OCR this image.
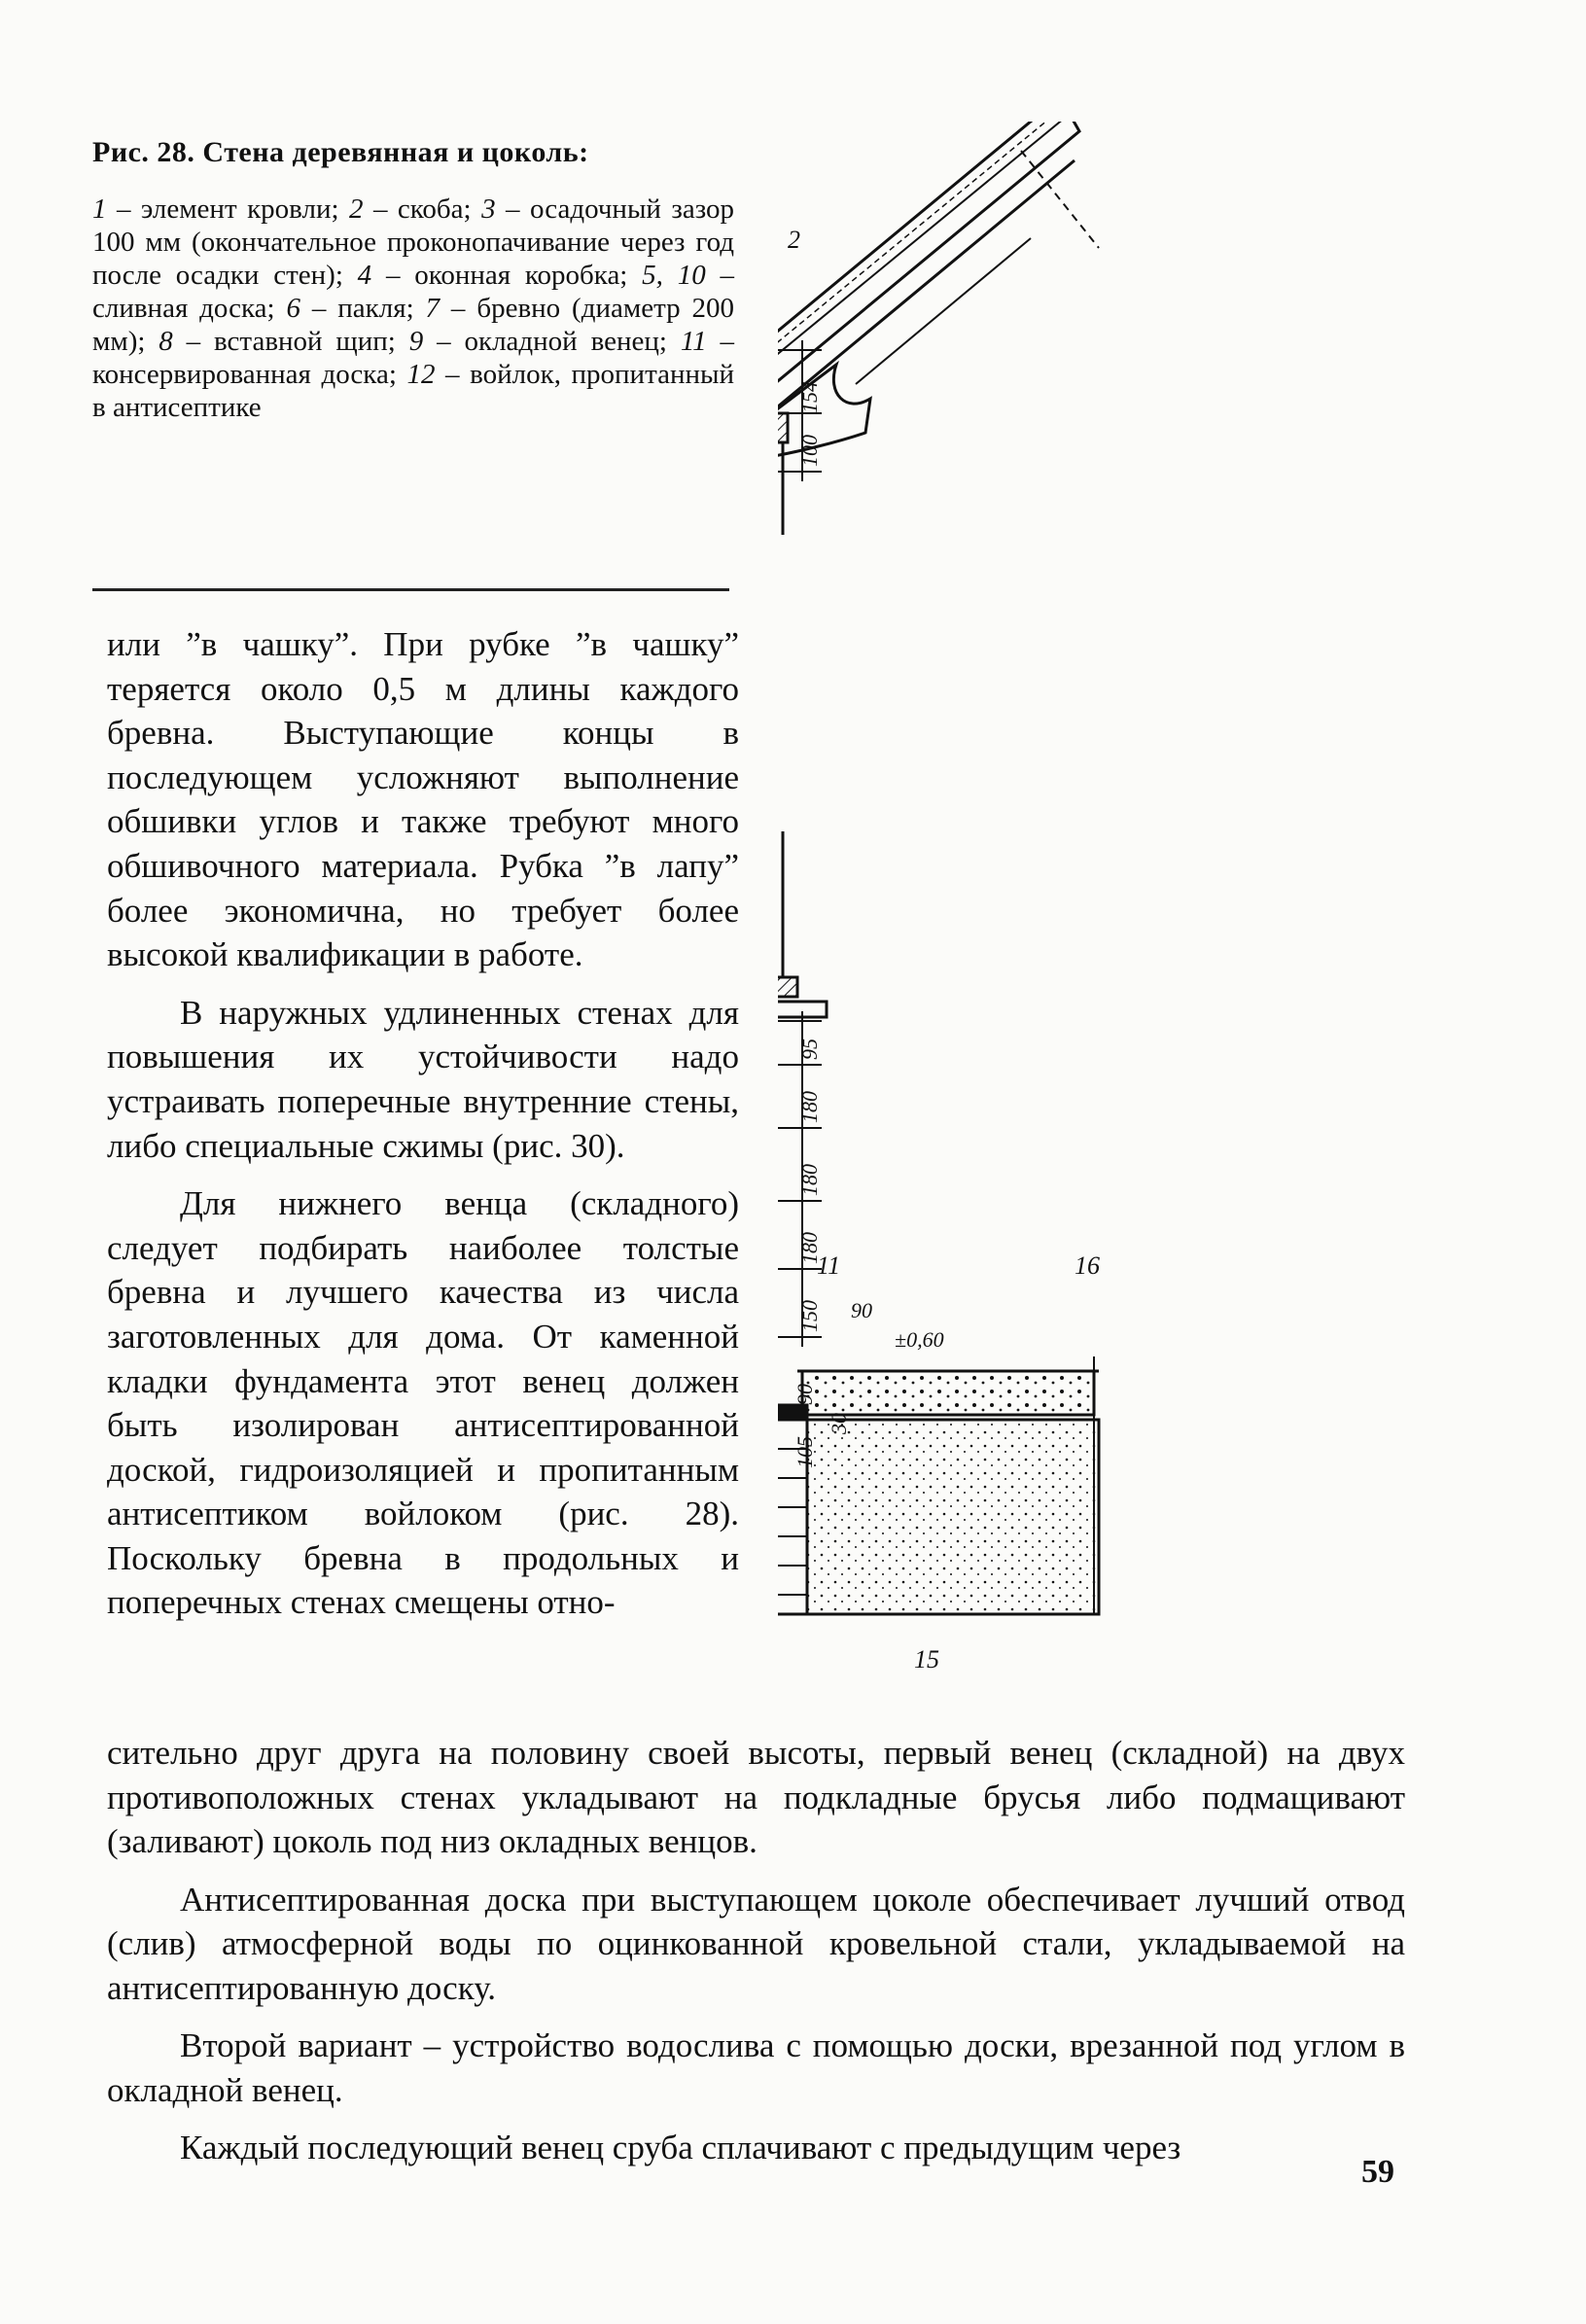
Рис. 28. Стена деревянная и цоколь:
1 – элемент кровли; 2 – скоба; 3 – осадочный зазор 100 мм (окончательное проконопачивание через год после осадки стен); 4 – оконная коробка; 5, 10 – сливная доска; 6 – пакля; 7 – бревно (диаметр 200 мм); 8 – вставной щип; 9 – окладной венец; 11 – консервированная доска; 12 – войлок, пропитанный в антисептике

или ”в чашку”. При рубке ”в чашку” теряется около 0,5 м длины каждого бревна. Выступающие концы в последующем усложняют выполнение обшивки углов и также требуют много обшивочного материала. Рубка ”в лапу” более экономична, но требует более высокой квалификации в работе.

В наружных удлиненных стенах для повышения их устойчивости надо устраивать поперечные внутренние стены, либо специальные сжимы (рис. 30).

Для нижнего венца (складного) следует подбирать наиболее толстые бревна и лучшего качества из числа заготовленных для дома. От каменной кладки фундамента этот венец должен быть изолирован антисептированной доской, гидроизоляцией и пропитанным антисептиком войлоком (рис. 28). Поскольку бревна в продольных и поперечных стенах смещены отно-

сительно друг друга на половину своей высоты, первый венец (складной) на двух противоположных стенах укладывают на подкладные брусья либо подмащивают (заливают) цоколь под низ окладных венцов.

Антисептированная доска при выступающем цоколе обеспечивает лучший отвод (слив) атмосферной воды по оцинкованной кровельной стали, укладываемой на антисептированную доску.

Второй вариант – устройство водослива с помощью доски, врезанной под углом в окладной венец.

Каждый последующий венец сруба сплачивают с предыдущим через

59
2
11
15
16
154
100
95
180
180
180
150 90
90
30
105
±0,60
